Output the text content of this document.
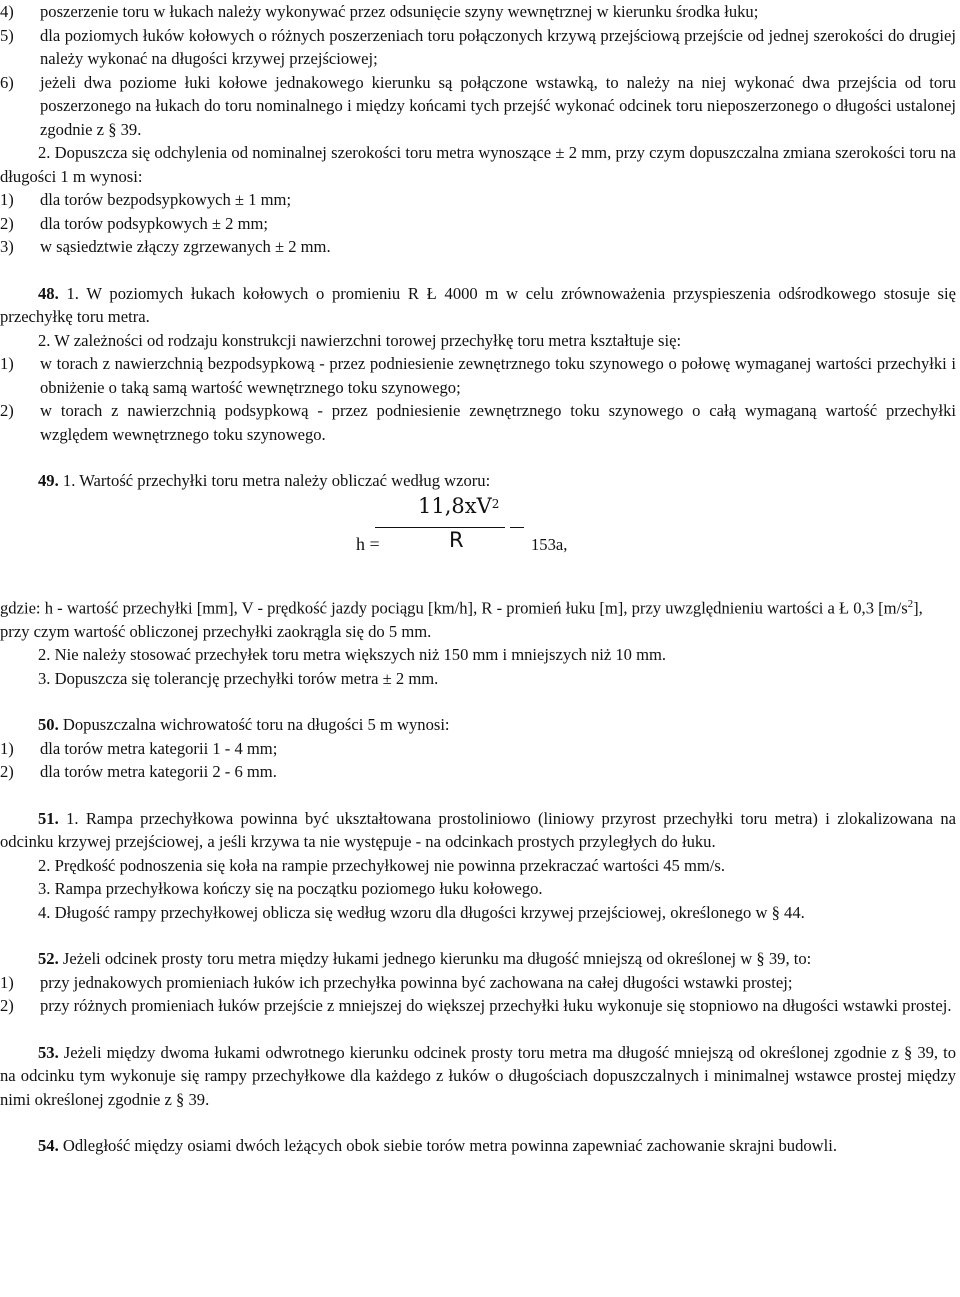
4) poszerzenie toru w łukach należy wykonywać przez odsunięcie szyny wewnętrznej w kierunku środka łuku;
5) dla poziomych łuków kołowych o różnych poszerzeniach toru połączonych krzywą przejściową przejście od jednej szerokości do drugiej należy wykonać na długości krzywej przejściowej;
6) jeżeli dwa poziome łuki kołowe jednakowego kierunku są połączone wstawką, to należy na niej wykonać dwa przejścia od toru poszerzonego na łukach do toru nominalnego i między końcami tych przejść wykonać odcinek toru nieposzerzonego o długości ustalonej zgodnie z § 39.

2. Dopuszcza się odchylenia od nominalnej szerokości toru metra wynoszące ± 2 mm, przy czym dopuszczalna zmiana szerokości toru na długości 1 m wynosi:

1) dla torów bezpodsypkowych ± 1 mm;
2) dla torów podsypkowych ± 2 mm;
3) w sąsiedztwie złączy zgrzewanych ± 2 mm.

48. 1. W poziomych łukach kołowych o promieniu R Ł 4000 m w celu zrównoważenia przyspieszenia odśrodkowego stosuje się przechyłkę toru metra.

2. W zależności od rodzaju konstrukcji nawierzchni torowej przechyłkę toru metra kształtuje się:

1) w torach z nawierzchnią bezpodsypkową - przez podniesienie zewnętrznego toku szynowego o połowę wymaganej wartości przechyłki i obniżenie o taką samą wartość wewnętrznego toku szynowego;
2) w torach z nawierzchnią podsypkową - przez podniesienie zewnętrznego toku szynowego o całą wymaganą wartość przechyłki względem wewnętrznego toku szynowego.

49. 1. Wartość przechyłki toru metra należy obliczać według wzoru:

$11,8xV^2$
h =	R	153a,

gdzie: h - wartość przechyłki [mm], V - prędkość jazdy pociągu [km/h], R - promień łuku [m], przy uwzględnieniu wartości a Ł 0,3 $[m/s^2]$,

przy czym wartość obliczonej przechyłki zaokrągla się do 5 mm.

2. Nie należy stosować przechyłek toru metra większych niż 150 mm i mniejszych niż 10 mm.

3. Dopuszcza się tolerancję przechyłki torów metra ± 2 mm.

50. Dopuszczalna wichrowatość toru na długości 5 m wynosi:

1) dla torów metra kategorii 1 - 4 mm;
2) dla torów metra kategorii 2 - 6 mm.

51. 1. Rampa przechyłkowa powinna być ukształtowana prostoliniowo (liniowy przyrost przechyłki toru metra) i zlokalizowana na odcinku krzywej przejściowej, a jeśli krzywa ta nie występuje - na odcinkach prostych przyległych do łuku.

2. Prędkość podnoszenia się koła na rampie przechyłkowej nie powinna przekraczać wartości 45 mm/s.

3. Rampa przechyłkowa kończy się na początku poziomego łuku kołowego.

4. Długość rampy przechyłkowej oblicza się według wzoru dla długości krzywej przejściowej, określonego w § 44.

52. Jeżeli odcinek prosty toru metra między łukami jednego kierunku ma długość mniejszą od określonej w § 39, to:

1) przy jednakowych promieniach łuków ich przechyłka powinna być zachowana na całej długości wstawki prostej;
2) przy różnych promieniach łuków przejście z mniejszej do większej przechyłki łuku wykonuje się stopniowo na długości wstawki prostej.

53. Jeżeli między dwoma łukami odwrotnego kierunku odcinek prosty toru metra ma długość mniejszą od określonej zgodnie z § 39, to na odcinku tym wykonuje się rampy przechyłkowe dla każdego z łuków o długościach dopuszczalnych i minimalnej wstawce prostej między nimi określonej zgodnie z § 39.

54. Odległość między osiami dwóch leżących obok siebie torów metra powinna zapewniać zachowanie skrajni budowli.
